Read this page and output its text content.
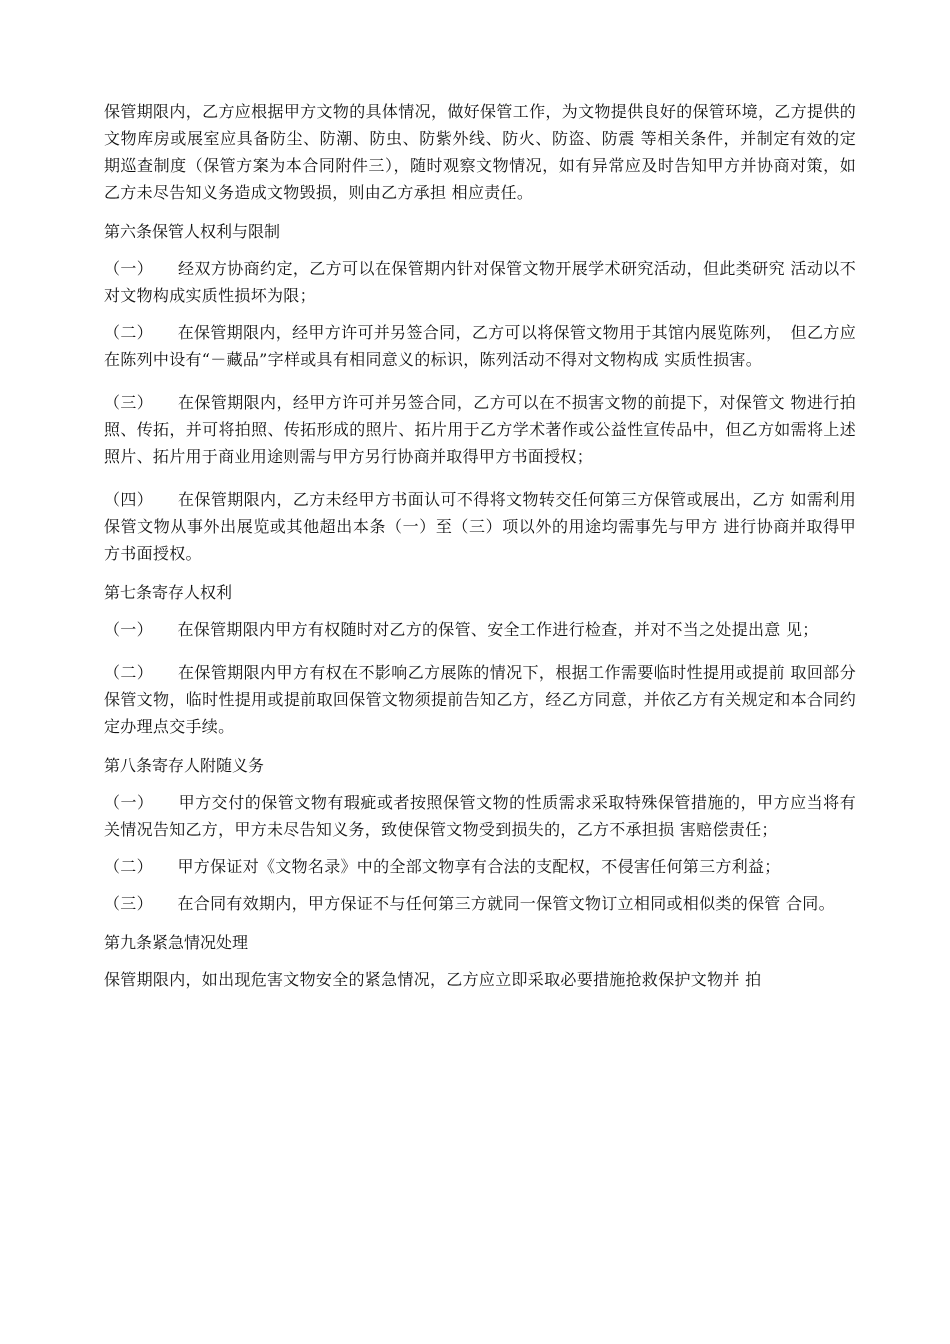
保管期限内，乙方应根据甲方文物的具体情况，做好保管工作，为文物提供良好的保管环境，乙方提供的文物库房或展室应具备防尘、防潮、防虫、防紫外线、防火、防盗、防震 等相关条件，并制定有效的定期巡查制度（保管方案为本合同附件三），随时观察文物情况，如有异常应及时告知甲方并协商对策，如乙方未尽告知义务造成文物毁损，则由乙方承担 相应责任。

第六条保管人权利与限制

（一）　　经双方协商约定，乙方可以在保管期内针对保管文物开展学术研究活动，但此类研究 活动以不对文物构成实质性损坏为限；

（二）　　在保管期限内，经甲方许可并另签合同，乙方可以将保管文物用于其馆内展览陈列，　但乙方应在陈列中设有“－藏品”字样或具有相同意义的标识，陈列活动不得对文物构成 实质性损害。

（三）　　在保管期限内，经甲方许可并另签合同，乙方可以在不损害文物的前提下，对保管文 物进行拍照、传拓，并可将拍照、传拓形成的照片、拓片用于乙方学术著作或公益性宣传品中，但乙方如需将上述照片、拓片用于商业用途则需与甲方另行协商并取得甲方书面授权；

（四）　　在保管期限内，乙方未经甲方书面认可不得将文物转交任何第三方保管或展出，乙方 如需利用保管文物从事外出展览或其他超出本条（一）至（三）项以外的用途均需事先与甲方 进行协商并取得甲方书面授权。

第七条寄存人权利

（一）　　在保管期限内甲方有权随时对乙方的保管、安全工作进行检查，并对不当之处提出意 见；

（二）　　在保管期限内甲方有权在不影响乙方展陈的情况下，根据工作需要临时性提用或提前 取回部分保管文物，临时性提用或提前取回保管文物须提前告知乙方，经乙方同意，并依乙方有关规定和本合同约定办理点交手续。

第八条寄存人附随义务

（一）　　甲方交付的保管文物有瑕疵或者按照保管文物的性质需求采取特殊保管措施的，甲方应当将有关情况告知乙方，甲方未尽告知义务，致使保管文物受到损失的，乙方不承担损 害赔偿责任；

（二）　　甲方保证对《文物名录》中的全部文物享有合法的支配权，不侵害任何第三方利益；

（三）　　在合同有效期内，甲方保证不与任何第三方就同一保管文物订立相同或相似类的保管 合同。

第九条紧急情况处理

保管期限内，如出现危害文物安全的紧急情况，乙方应立即采取必要措施抢救保护文物并 拍
